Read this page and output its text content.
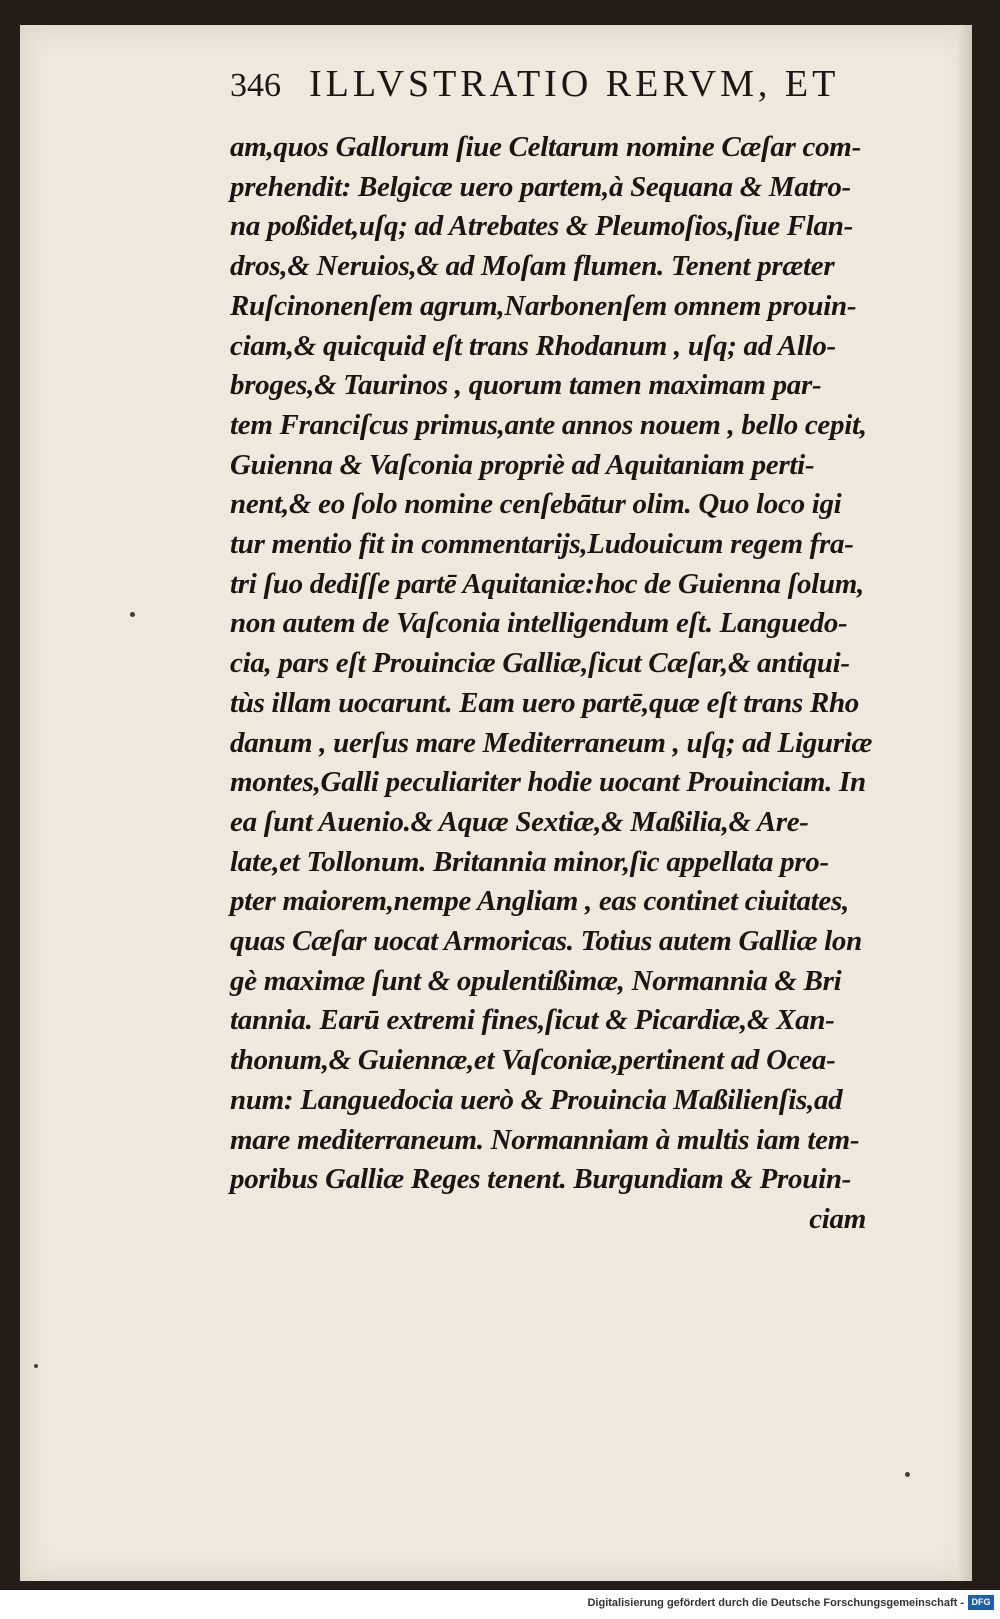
346 ILLVSTRATIO RERVM, ET
am,quos Gallorum ſiue Celtarum nomine Cæſar com-
prehendit: Belgicæ uero partem,à Sequana & Matro-
na poßidet,uſq; ad Atrebates & Pleumoſios,ſiue Flan-
dros,& Neruios,& ad Moſam flumen. Tenent præter
Ruſcinonenſem agrum,Narbonenſem omnem prouin-
ciam,& quicquid eſt trans Rhodanum , uſq; ad Allo-
broges,& Taurinos , quorum tamen maximam par-
tem Franciſcus primus,ante annos nouem , bello cepit,
Guienna & Vaſconia propriè ad Aquitaniam perti-
nent,& eo ſolo nomine cenſebātur olim. Quo loco igi
tur mentio fit in commentarijs,Ludouicum regem fra-
tri ſuo dediſſe partē Aquitaniæ:hoc de Guienna ſolum,
non autem de Vaſconia intelligendum eſt. Languedo-
cia, pars eſt Prouinciæ Galliæ,ſicut Cæſar,& antiqui-
tùs illam uocarunt. Eam uero partē,quæ eſt trans Rho
danum , uerſus mare Mediterraneum , uſq; ad Liguriæ
montes,Galli peculiariter hodie uocant Prouinciam. In
ea ſunt Auenio.& Aquæ Sextiæ,& Maßilia,& Are-
late,et Tollonum. Britannia minor,ſic appellata pro-
pter maiorem,nempe Angliam , eas continet ciuitates,
quas Cæſar uocat Armoricas. Totius autem Galliæ lon
gè maximæ ſunt & opulentißimæ, Normannia & Bri
tannia. Earū extremi fines,ſicut & Picardiæ,& Xan-
thonum,& Guiennæ,et Vaſconiæ,pertinent ad Ocea-
num: Languedocia uerò & Prouincia Maßilienſis,ad
mare mediterraneum. Normanniam à multis iam tem-
poribus Galliæ Reges tenent. Burgundiam & Prouin-
ciam
Digitalisierung gefördert durch die Deutsche Forschungsgemeinschaft - DFG
